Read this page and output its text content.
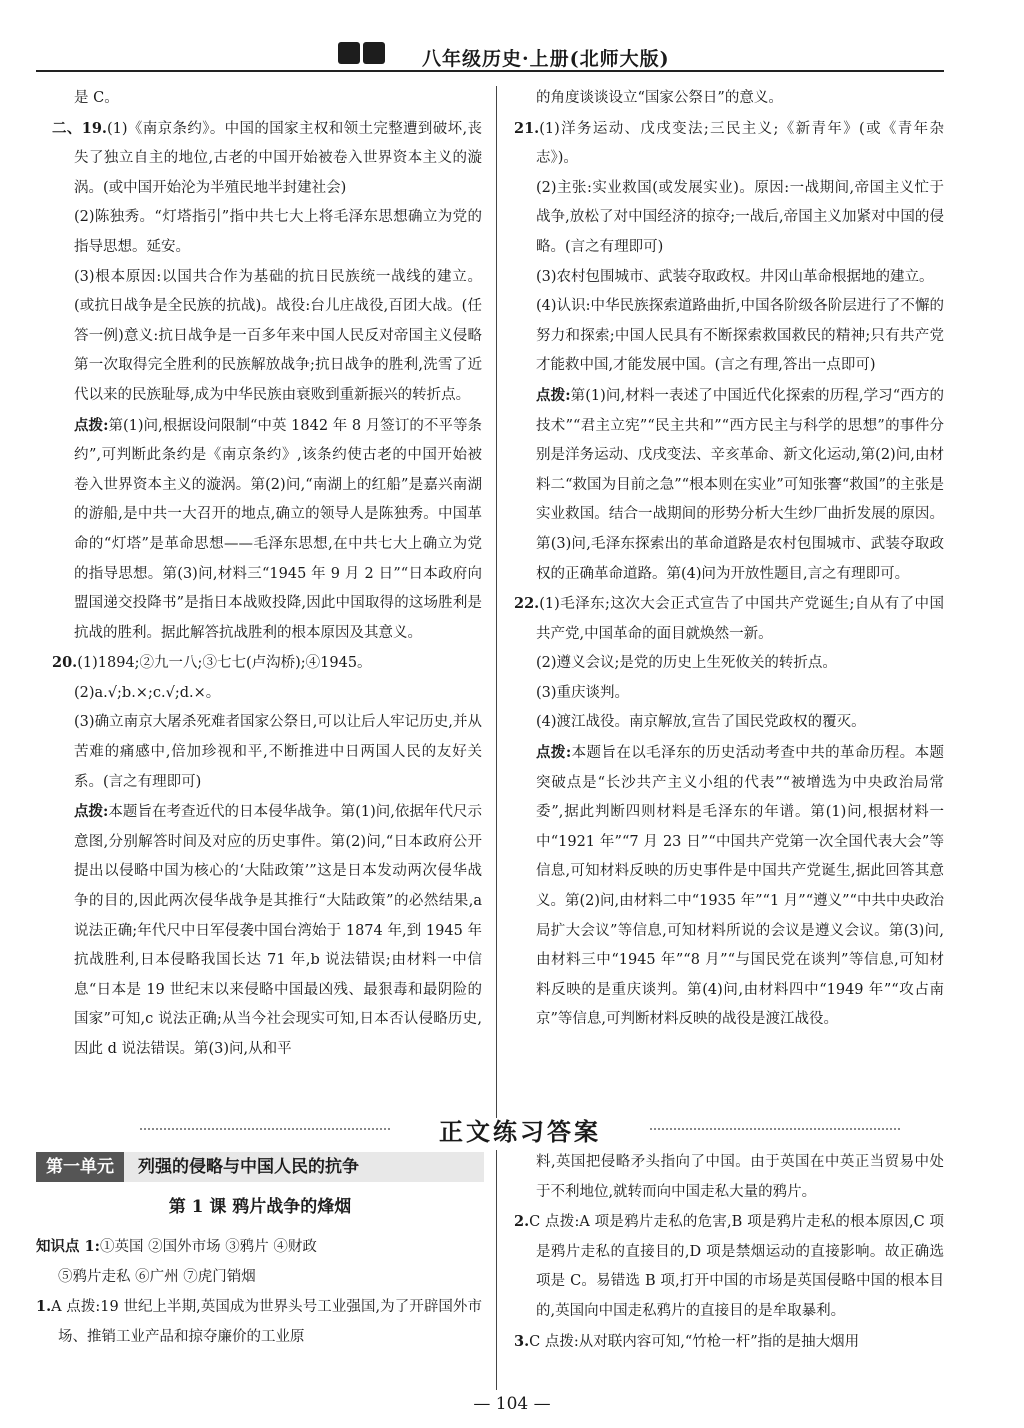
八年级历史·上册(北师大版)

是 C。

二、19.(1)《南京条约》。中国的国家主权和领土完整遭到破坏,丧失了独立自主的地位,古老的中国开始被卷入世界资本主义的漩涡。(或中国开始沦为半殖民地半封建社会)

(2)陈独秀。“灯塔指引”指中共七大上将毛泽东思想确立为党的指导思想。延安。

(3)根本原因:以国共合作为基础的抗日民族统一战线的建立。(或抗日战争是全民族的抗战)。战役:台儿庄战役,百团大战。(任答一例)意义:抗日战争是一百多年来中国人民反对帝国主义侵略第一次取得完全胜利的民族解放战争;抗日战争的胜利,洗雪了近代以来的民族耻辱,成为中华民族由衰败到重新振兴的转折点。

点拨:第(1)问,根据设问限制“中英 1842 年 8 月签订的不平等条约”,可判断此条约是《南京条约》,该条约使古老的中国开始被卷入世界资本主义的漩涡。第(2)问,“南湖上的红船”是嘉兴南湖的游船,是中共一大召开的地点,确立的领导人是陈独秀。中国革命的“灯塔”是革命思想——毛泽东思想,在中共七大上确立为党的指导思想。第(3)问,材料三“1945 年 9 月 2 日”“日本政府向盟国递交投降书”是指日本战败投降,因此中国取得的这场胜利是抗战的胜利。据此解答抗战胜利的根本原因及其意义。

20.(1)1894;②九一八;③七七(卢沟桥);④1945。

(2)a.√;b.×;c.√;d.×。

(3)确立南京大屠杀死难者国家公祭日,可以让后人牢记历史,并从苦难的痛感中,倍加珍视和平,不断推进中日两国人民的友好关系。(言之有理即可)

点拨:本题旨在考查近代的日本侵华战争。第(1)问,依据年代尺示意图,分别解答时间及对应的历史事件。第(2)问,“日本政府公开提出以侵略中国为核心的‘大陆政策’”这是日本发动两次侵华战争的目的,因此两次侵华战争是其推行“大陆政策”的必然结果,a 说法正确;年代尺中日军侵袭中国台湾始于 1874 年,到 1945 年抗战胜利,日本侵略我国长达 71 年,b 说法错误;由材料一中信息“日本是 19 世纪末以来侵略中国最凶残、最狠毒和最阴险的国家”可知,c 说法正确;从当今社会现实可知,日本否认侵略历史,因此 d 说法错误。第(3)问,从和平

的角度谈谈设立“国家公祭日”的意义。

21.(1)洋务运动、戊戌变法;三民主义;《新青年》(或《青年杂志》)。

(2)主张:实业救国(或发展实业)。原因:一战期间,帝国主义忙于战争,放松了对中国经济的掠夺;一战后,帝国主义加紧对中国的侵略。(言之有理即可)

(3)农村包围城市、武装夺取政权。井冈山革命根据地的建立。

(4)认识:中华民族探索道路曲折,中国各阶级各阶层进行了不懈的努力和探索;中国人民具有不断探索救国救民的精神;只有共产党才能救中国,才能发展中国。(言之有理,答出一点即可)

点拨:第(1)问,材料一表述了中国近代化探索的历程,学习“西方的技术”“君主立宪”“民主共和”“西方民主与科学的思想”的事件分别是洋务运动、戊戌变法、辛亥革命、新文化运动,第(2)问,由材料二“救国为目前之急”“根本则在实业”可知张謇“救国”的主张是实业救国。结合一战期间的形势分析大生纱厂曲折发展的原因。第(3)问,毛泽东探索出的革命道路是农村包围城市、武装夺取政权的正确革命道路。第(4)问为开放性题目,言之有理即可。

22.(1)毛泽东;这次大会正式宣告了中国共产党诞生;自从有了中国共产党,中国革命的面目就焕然一新。

(2)遵义会议;是党的历史上生死攸关的转折点。

(3)重庆谈判。

(4)渡江战役。南京解放,宣告了国民党政权的覆灭。

点拨:本题旨在以毛泽东的历史活动考查中共的革命历程。本题突破点是“长沙共产主义小组的代表”“被增选为中央政治局常委”,据此判断四则材料是毛泽东的年谱。第(1)问,根据材料一中“1921 年”“7 月 23 日”“中国共产党第一次全国代表大会”等信息,可知材料反映的历史事件是中国共产党诞生,据此回答其意义。第(2)问,由材料二中“1935 年”“1 月”“遵义”“中共中央政治局扩大会议”等信息,可知材料所说的会议是遵义会议。第(3)问,由材料三中“1945 年”“8 月”“与国民党在谈判”等信息,可知材料反映的是重庆谈判。第(4)问,由材料四中“1949 年”“攻占南京”等信息,可判断材料反映的战役是渡江战役。

正文练习答案
第一单元 列强的侵略与中国人民的抗争
第 1 课 鸦片战争的烽烟

知识点 1:①英国 ②国外市场 ③鸦片 ④财政

⑤鸦片走私 ⑥广州 ⑦虎门销烟

1.A 点拨:19 世纪上半期,英国成为世界头号工业强国,为了开辟国外市场、推销工业产品和掠夺廉价的工业原

料,英国把侵略矛头指向了中国。由于英国在中英正当贸易中处于不利地位,就转而向中国走私大量的鸦片。

2.C 点拨:A 项是鸦片走私的危害,B 项是鸦片走私的根本原因,C 项是鸦片走私的直接目的,D 项是禁烟运动的直接影响。故正确选项是 C。易错选 B 项,打开中国的市场是英国侵略中国的根本目的,英国向中国走私鸦片的直接目的是牟取暴利。

3.C 点拨:从对联内容可知,“竹枪一杆”指的是抽大烟用

— 104 —
